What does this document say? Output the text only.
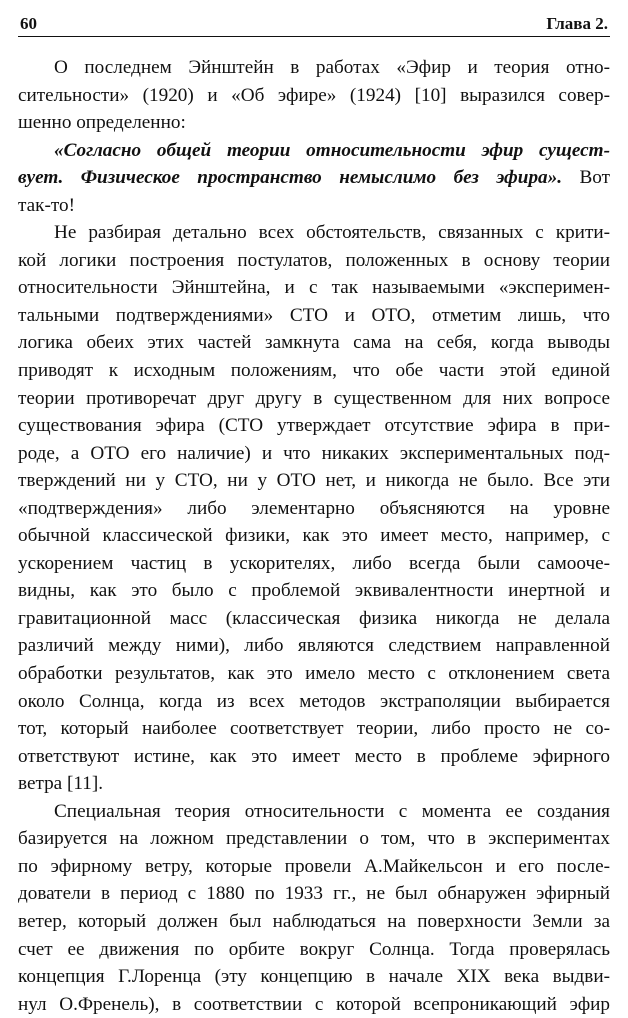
60	Глава 2.
О последнем Эйнштейн в работах «Эфир и теория отно-
сительности» (1920) и «Об эфире» (1924) [10] выразился совер-
шенно определенно:
«Согласно общей теории относительности эфир сущест-
вует. Физическое пространство немыслимо без эфира». Вот
так-то!
Не разбирая детально всех обстоятельств, связанных с крити-
кой логики построения постулатов, положенных в основу теории
относительности Эйнштейна, и с так называемыми «эксперимен-
тальными подтверждениями» СТО и ОТО, отметим лишь, что
логика обеих этих частей замкнута сама на себя, когда выводы
приводят к исходным положениям, что обе части этой единой
теории противоречат друг другу в существенном для них вопросе
существования эфира (СТО утверждает отсутствие эфира в при-
роде, а ОТО его наличие) и что никаких экспериментальных под-
тверждений ни у СТО, ни у ОТО нет, и никогда не было. Все эти
«подтверждения» либо элементарно объясняются на уровне
обычной классической физики, как это имеет место, например, с
ускорением частиц в ускорителях, либо всегда были самооче-
видны, как это было с проблемой эквивалентности инертной и
гравитационной масс (классическая физика никогда не делала
различий между ними), либо являются следствием направленной
обработки результатов, как это имело место с отклонением света
около Солнца, когда из всех методов экстраполяции выбирается
тот, который наиболее соответствует теории, либо просто не со-
ответствуют истине, как это имеет место в проблеме эфирного
ветра [11].
Специальная теория относительности с момента ее создания
базируется на ложном представлении о том, что в экспериментах
по эфирному ветру, которые провели А.Майкельсон и его после-
дователи в период с 1880 по 1933 гг., не был обнаружен эфирный
ветер, который должен был наблюдаться на поверхности Земли за
счет ее движения по орбите вокруг Солнца. Тогда проверялась
концепция Г.Лоренца (эту концепцию в начале XIX века выдви-
нул О.Френель), в соответствии с которой всепроникающий эфир
